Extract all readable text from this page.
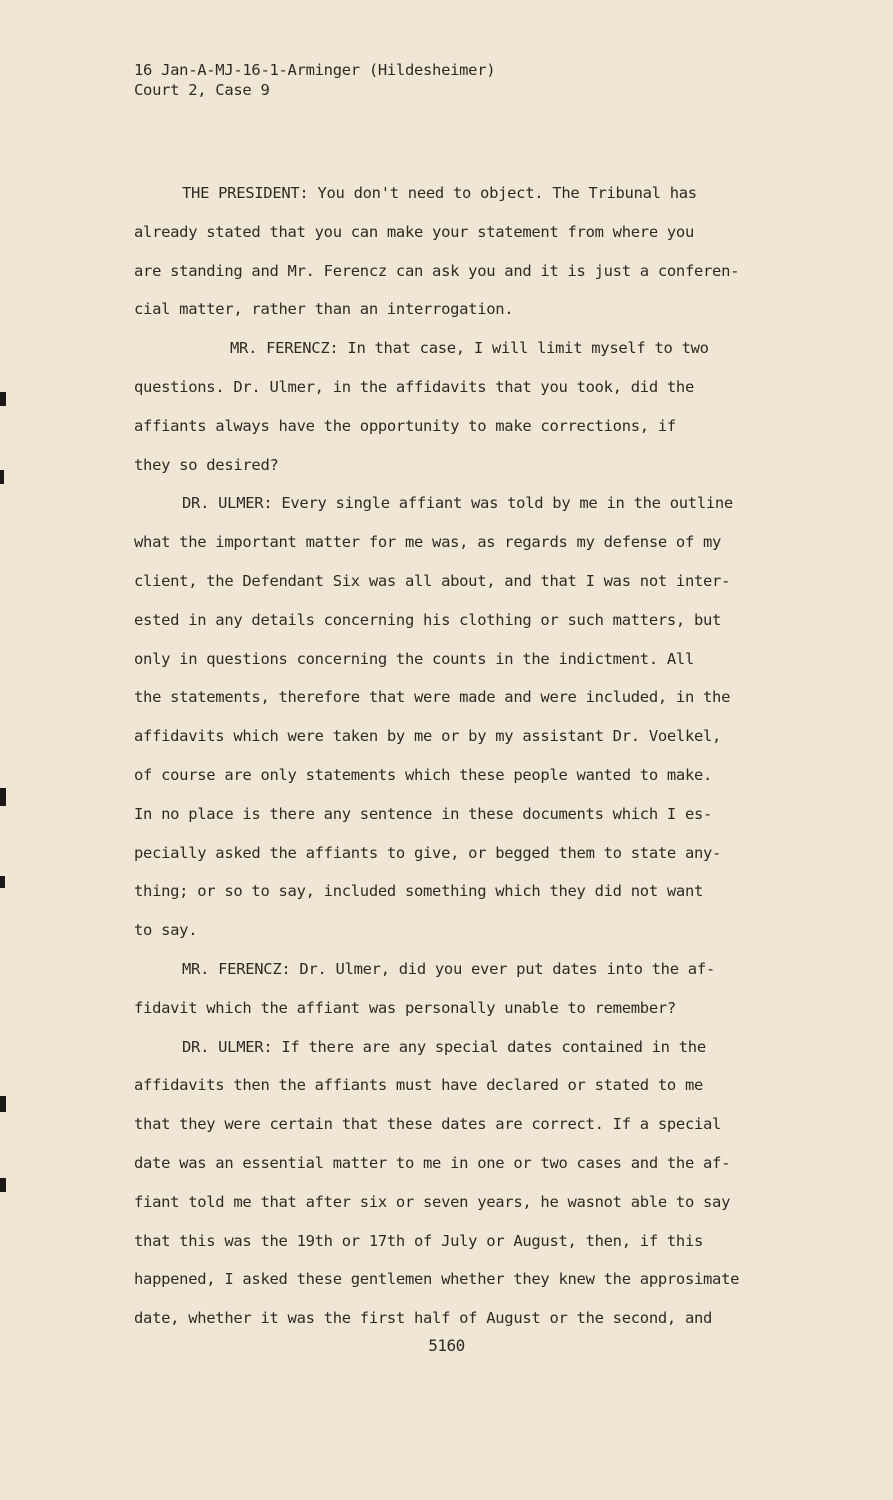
16 Jan-A-MJ-16-1-Arminger (Hildesheimer)
Court 2, Case 9
THE PRESIDENT: You don't need to object. The Tribunal has
already stated that you can make your statement from where you
are standing and Mr. Ferencz can ask you and it is just a conferen-
cial matter, rather than an interrogation.
MR. FERENCZ: In that case, I will limit myself to two
questions. Dr. Ulmer, in the affidavits that you took, did the
affiants always have the opportunity to make corrections, if
they so desired?
DR. ULMER: Every single affiant was told by me in the outline
what the important matter for me was, as regards my defense of my
client, the Defendant Six was all about, and that I was not inter-
ested in any details concerning his clothing or such matters, but
only in questions concerning the counts in the indictment. All
the statements, therefore that were made and were included, in the
affidavits which were taken by me or by my assistant Dr. Voelkel,
of course are only statements which these people wanted to make.
In no place is there any sentence in these documents which I es-
pecially asked the affiants to give, or begged them to state any-
thing; or so to say, included something which they did not want
to say.
MR. FERENCZ: Dr. Ulmer, did you ever put dates into the af-
fidavit which the affiant was personally unable to remember?
DR. ULMER: If there are any special dates contained in the
affidavits then the affiants must have declared or stated to me
that they were certain that these dates are correct. If a special
date was an essential matter to me in one or two cases and the af-
fiant told me that after six or seven years, he wasnot able to say
that this was the 19th or 17th of July or August, then, if this
happened, I asked these gentlemen whether they knew the approsimate
date, whether it was the first half of August or the second, and
5160
